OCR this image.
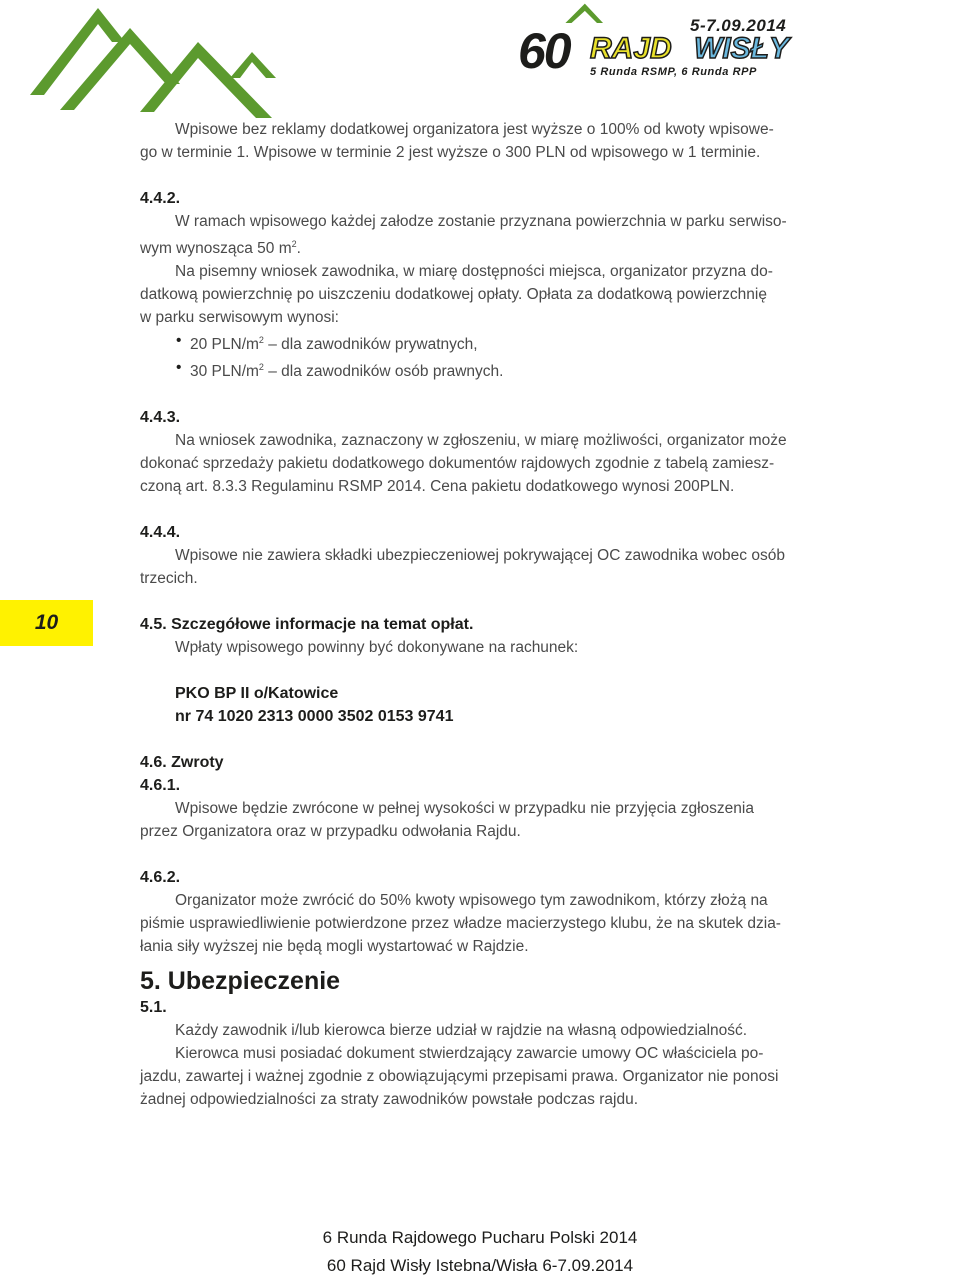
5-7.09.2014
60 RAJD WISŁY
5 Runda RSMP, 6 Runda RPP
10

Wpisowe bez reklamy dodatkowej organizatora jest wyższe o 100% od kwoty wpisowe-
go w terminie 1. Wpisowe w terminie 2 jest wyższe o 300 PLN od wpisowego w 1 terminie.

4.4.2.

W ramach wpisowego każdej załodze zostanie przyznana powierzchnia w parku serwiso-
wym wynosząca 50 $m^2$.

Na pisemny wniosek zawodnika, w miarę dostępności miejsca, organizator przyzna do-
datkową powierzchnię po uiszczeniu dodatkowej opłaty. Opłata za dodatkową powierzchnię
w parku serwisowym wynosi:

• 20 PLN/$m^2$ – dla zawodników prywatnych,
• 30 PLN/$m^2$ – dla zawodników osób prawnych.

4.4.3.

Na wniosek zawodnika, zaznaczony w zgłoszeniu, w miarę możliwości, organizator może
dokonać sprzedaży pakietu dodatkowego dokumentów rajdowych zgodnie z tabelą zamiesz-
czoną art. 8.3.3 Regulaminu RSMP 2014. Cena pakietu dodatkowego wynosi 200PLN.

4.4.4.

Wpisowe nie zawiera składki ubezpieczeniowej pokrywającej OC zawodnika wobec osób
trzecich.

4.5. Szczegółowe informacje na temat opłat.

Wpłaty wpisowego powinny być dokonywane na rachunek:

PKO BP II o/Katowice
nr 74 1020 2313 0000 3502 0153 9741

4.6. Zwroty

4.6.1.

Wpisowe będzie zwrócone w pełnej wysokości w przypadku nie przyjęcia zgłoszenia
przez Organizatora oraz w przypadku odwołania Rajdu.

4.6.2.

Organizator może zwrócić do 50% kwoty wpisowego tym zawodnikom, którzy złożą na
piśmie usprawiedliwienie potwierdzone przez władze macierzystego klubu, że na skutek dzia-
łania siły wyższej nie będą mogli wystartować w Rajdzie.

5. Ubezpieczenie

5.1.

Każdy zawodnik i/lub kierowca bierze udział w rajdzie na własną odpowiedzialność.

Kierowca musi posiadać dokument stwierdzający zawarcie umowy OC właściciela po-
jazdu, zawartej i ważnej zgodnie z obowiązującymi przepisami prawa. Organizator nie ponosi
żadnej odpowiedzialności za straty zawodników powstałe podczas rajdu.

6 Runda Rajdowego Pucharu Polski 2014
60 Rajd Wisły Istebna/Wisła 6-7.09.2014
